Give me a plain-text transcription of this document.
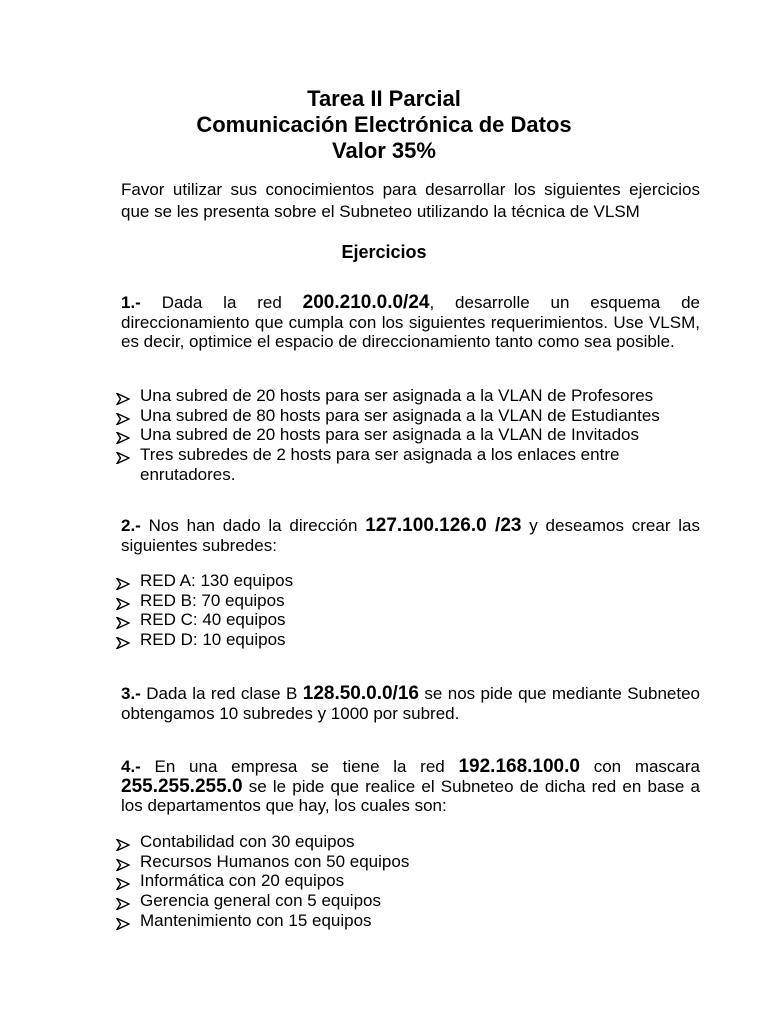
Tarea II Parcial
Comunicación Electrónica de Datos
Valor 35%
Favor utilizar sus conocimientos para desarrollar los siguientes ejercicios que se les presenta sobre el Subneteo utilizando la técnica de VLSM
Ejercicios
1.- Dada la red 200.210.0.0/24, desarrolle un esquema de direccionamiento que cumpla con los siguientes requerimientos. Use VLSM, es decir, optimice el espacio de direccionamiento tanto como sea posible.
Una subred de 20 hosts para ser asignada a la VLAN de Profesores
Una subred de 80 hosts para ser asignada a la VLAN de Estudiantes
Una subred de 20 hosts para ser asignada a la VLAN de Invitados
Tres subredes de 2 hosts para ser asignada a los enlaces entre enrutadores.
2.- Nos han dado la dirección 127.100.126.0 /23 y deseamos crear las siguientes subredes:
RED A: 130 equipos
RED B: 70 equipos
RED C: 40 equipos
RED D: 10 equipos
3.- Dada la red clase B 128.50.0.0/16 se nos pide que mediante Subneteo obtengamos 10 subredes y 1000 por subred.
4.- En una empresa se tiene la red 192.168.100.0 con mascara 255.255.255.0 se le pide que realice el Subneteo de dicha red en base a los departamentos que hay, los cuales son:
Contabilidad con 30 equipos
Recursos Humanos con 50 equipos
Informática con 20 equipos
Gerencia general con 5 equipos
Mantenimiento con 15 equipos
